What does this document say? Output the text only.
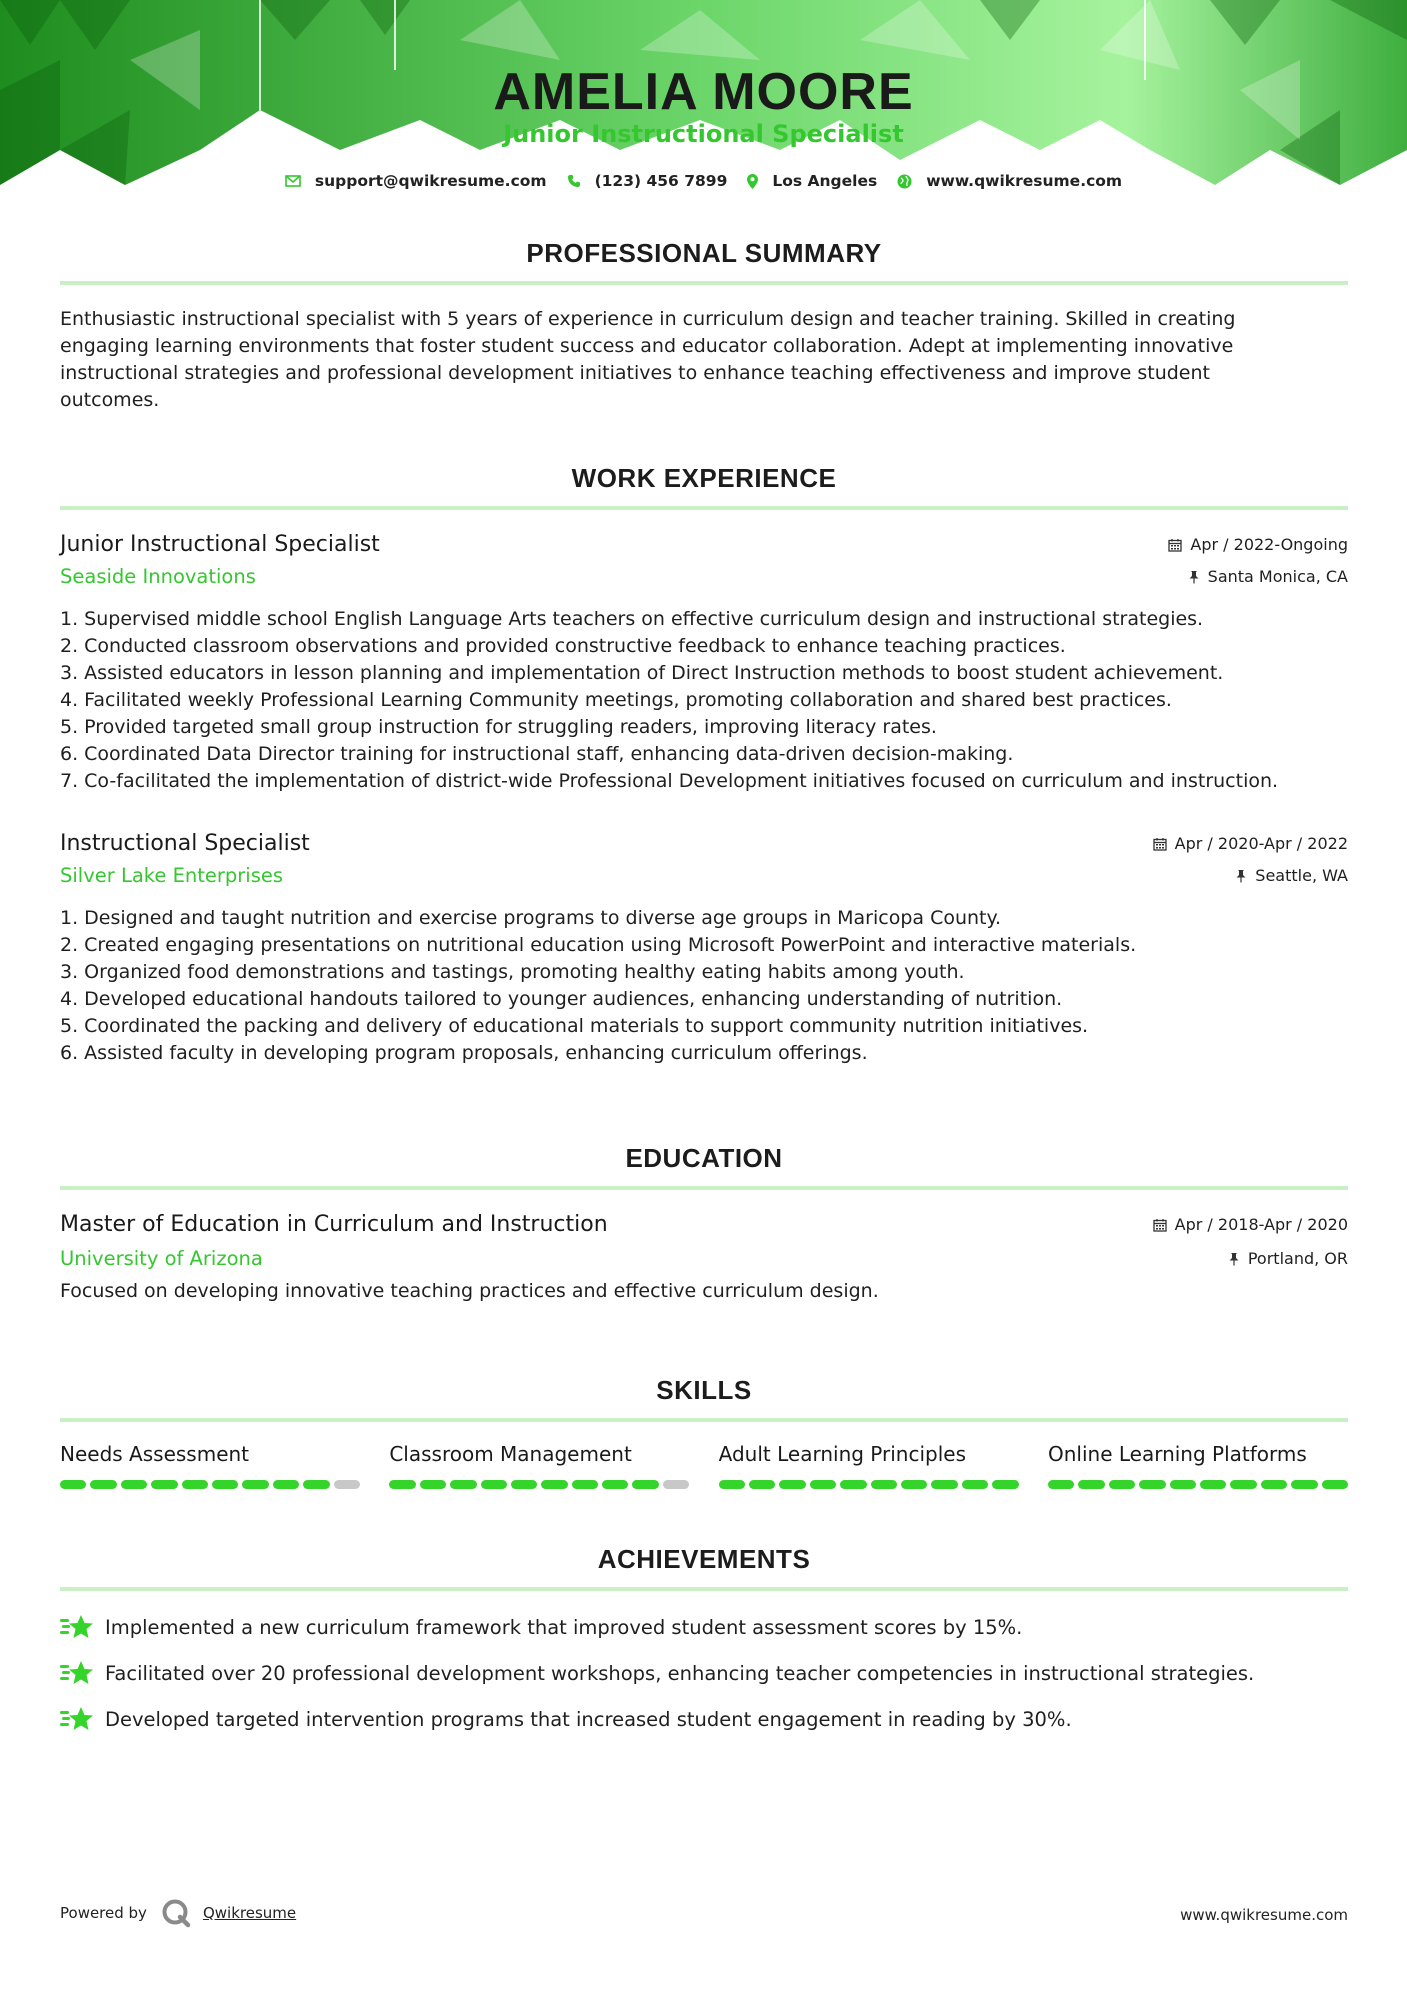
AMELIA MOORE
Junior Instructional Specialist
support@qwikresume.com	(123) 456 7899	Los Angeles	www.qwikresume.com
PROFESSIONAL SUMMARY
Enthusiastic instructional specialist with 5 years of experience in curriculum design and teacher training. Skilled in creating
engaging learning environments that foster student success and educator collaboration. Adept at implementing innovative
instructional strategies and professional development initiatives to enhance teaching effectiveness and improve student
outcomes.
WORK EXPERIENCE
Junior Instructional Specialist	Apr / 2022-Ongoing
Seaside Innovations	Santa Monica, CA
1. Supervised middle school English Language Arts teachers on effective curriculum design and instructional strategies.
2. Conducted classroom observations and provided constructive feedback to enhance teaching practices.
3. Assisted educators in lesson planning and implementation of Direct Instruction methods to boost student achievement.
4. Facilitated weekly Professional Learning Community meetings, promoting collaboration and shared best practices.
5. Provided targeted small group instruction for struggling readers, improving literacy rates.
6. Coordinated Data Director training for instructional staff, enhancing data-driven decision-making.
7. Co-facilitated the implementation of district-wide Professional Development initiatives focused on curriculum and instruction.
Instructional Specialist	Apr / 2020-Apr / 2022
Silver Lake Enterprises	Seattle, WA
1. Designed and taught nutrition and exercise programs to diverse age groups in Maricopa County.
2. Created engaging presentations on nutritional education using Microsoft PowerPoint and interactive materials.
3. Organized food demonstrations and tastings, promoting healthy eating habits among youth.
4. Developed educational handouts tailored to younger audiences, enhancing understanding of nutrition.
5. Coordinated the packing and delivery of educational materials to support community nutrition initiatives.
6. Assisted faculty in developing program proposals, enhancing curriculum offerings.
EDUCATION
Master of Education in Curriculum and Instruction	Apr / 2018-Apr / 2020
University of Arizona	Portland, OR
Focused on developing innovative teaching practices and effective curriculum design.
SKILLS
Needs Assessment	Classroom Management	Adult Learning Principles	Online Learning Platforms
ACHIEVEMENTS
Implemented a new curriculum framework that improved student assessment scores by 15%.
Facilitated over 20 professional development workshops, enhancing teacher competencies in instructional strategies.
Developed targeted intervention programs that increased student engagement in reading by 30%.
Powered by	Qwikresume	www.qwikresume.com
